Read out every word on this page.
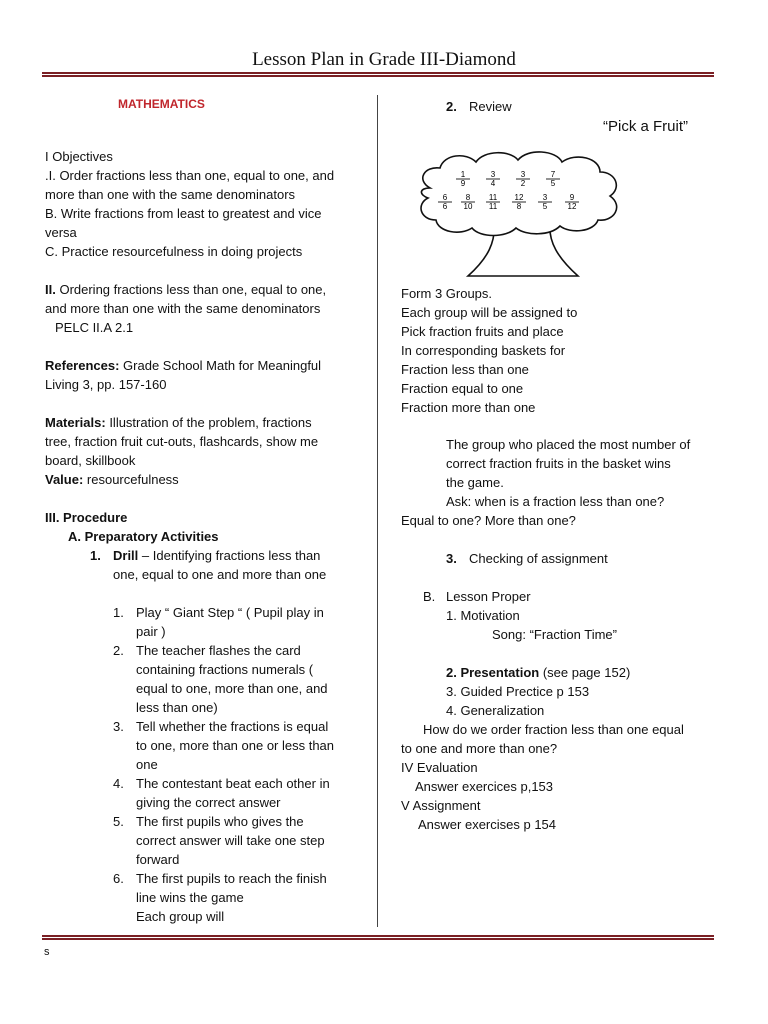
Lesson Plan in Grade III-Diamond
MATHEMATICS
I Objectives
.I. Order fractions less than one, equal to one, and
more than one with the same denominators
B. Write fractions from least to greatest and vice
versa
C. Practice resourcefulness in doing projects
II. Ordering fractions less than one, equal to one,
and more than one with the same denominators
PELC II.A 2.1
References: Grade School Math for Meaningful
Living 3, pp. 157-160
Materials: Illustration of the problem, fractions
tree, fraction fruit cut-outs, flashcards, show me
board, skillbook
Value: resourcefulness
III. Procedure
A. Preparatory Activities
1. Drill – Identifying fractions less than
one, equal to one and more than one
1. Play “ Giant Step “ ( Pupil play in
pair )
2. The teacher flashes the card
containing fractions numerals (
equal to one, more than one, and
less than one)
3. Tell whether the fractions is equal
to one, more than one or less than
one
4. The contestant beat each other in
giving the correct answer
5. The first pupils who gives the
correct answer will take one step
forward
6. The first pupils to reach the finish
line wins the game
Each group will
2. Review
“Pick a Fruit”
1
9
3
4
3
2
7
5
6
6
8
10
11
11
12
8
3
5
9
12
Form 3 Groups.
Each group will be assigned to
Pick fraction fruits and place
In corresponding baskets for
Fraction less than one
Fraction equal to one
Fraction more than one
The group who placed the most number of
correct fraction fruits in the basket wins
the game.
Ask: when is a fraction less than one?
Equal to one? More than one?
3. Checking of assignment
B. Lesson Proper
1. Motivation
Song: “Fraction Time”
2. Presentation (see page 152)
3. Guided Prectice p 153
4. Generalization
How do we order fraction less than one equal
to one and more than one?
IV Evaluation
Answer exercices p,153
V Assignment
Answer exercises p 154
s
